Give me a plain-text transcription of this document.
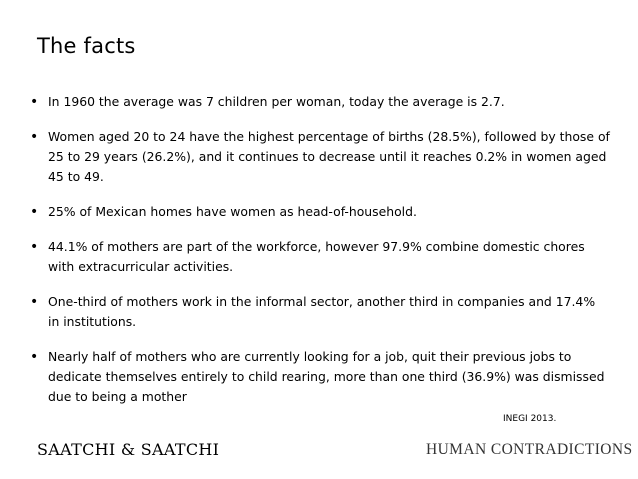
The facts
• In 1960 the average was 7 children per woman, today the average is 2.7.
• Women aged 20 to 24 have the highest percentage of births (28.5%), followed by those of 25 to 29 years (26.2%), and it continues to decrease until it reaches 0.2% in women aged 45 to 49.
• 25% of Mexican homes have women as head-of-household.
• 44.1% of mothers are part of the workforce, however 97.9% combine domestic chores with extracurricular activities.
• One-third of mothers work in the informal sector, another third in companies and 17.4% in institutions.
• Nearly half of mothers who are currently looking for a job, quit their previous jobs to dedicate themselves entirely to child rearing, more than one third (36.9%) was dismissed due to being a mother
INEGI 2013.
SAATCHI & SAATCHI	HUMAN CONTRADICTIONS
